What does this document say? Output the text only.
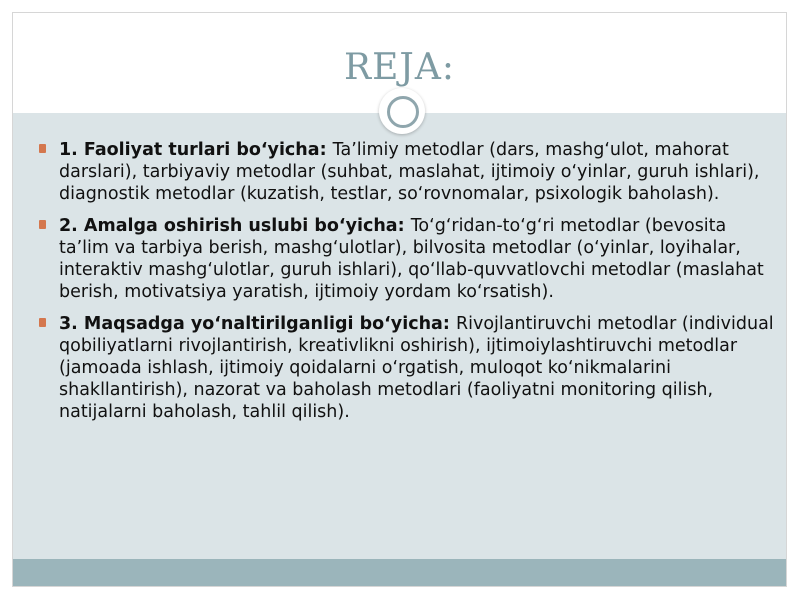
REJA:
1. Faoliyat turlari bo‘yicha: Ta’limiy metodlar (dars, mashg‘ulot, mahorat darslari), tarbiyaviy metodlar (suhbat, maslahat, ijtimoiy o‘yinlar, guruh ishlari), diagnostik metodlar (kuzatish, testlar, so‘rovnomalar, psixologik baholash).
2. Amalga oshirish uslubi bo‘yicha: To‘g‘ridan-to‘g‘ri metodlar (bevosita ta’lim va tarbiya berish, mashg‘ulotlar), bilvosita metodlar (o‘yinlar, loyihalar, interaktiv mashg‘ulotlar, guruh ishlari), qo‘llab-quvvatlovchi metodlar (maslahat berish, motivatsiya yaratish, ijtimoiy yordam ko‘rsatish).
3. Maqsadga yo‘naltirilganligi bo‘yicha: Rivojlantiruvchi metodlar (individual qobiliyatlarni rivojlantirish, kreativlikni oshirish), ijtimoiylashtiruvchi metodlar (jamoada ishlash, ijtimoiy qoidalarni o‘rgatish, muloqot ko‘nikmalarini shakllantirish), nazorat va baholash metodlari (faoliyatni monitoring qilish, natijalarni baholash, tahlil qilish).
